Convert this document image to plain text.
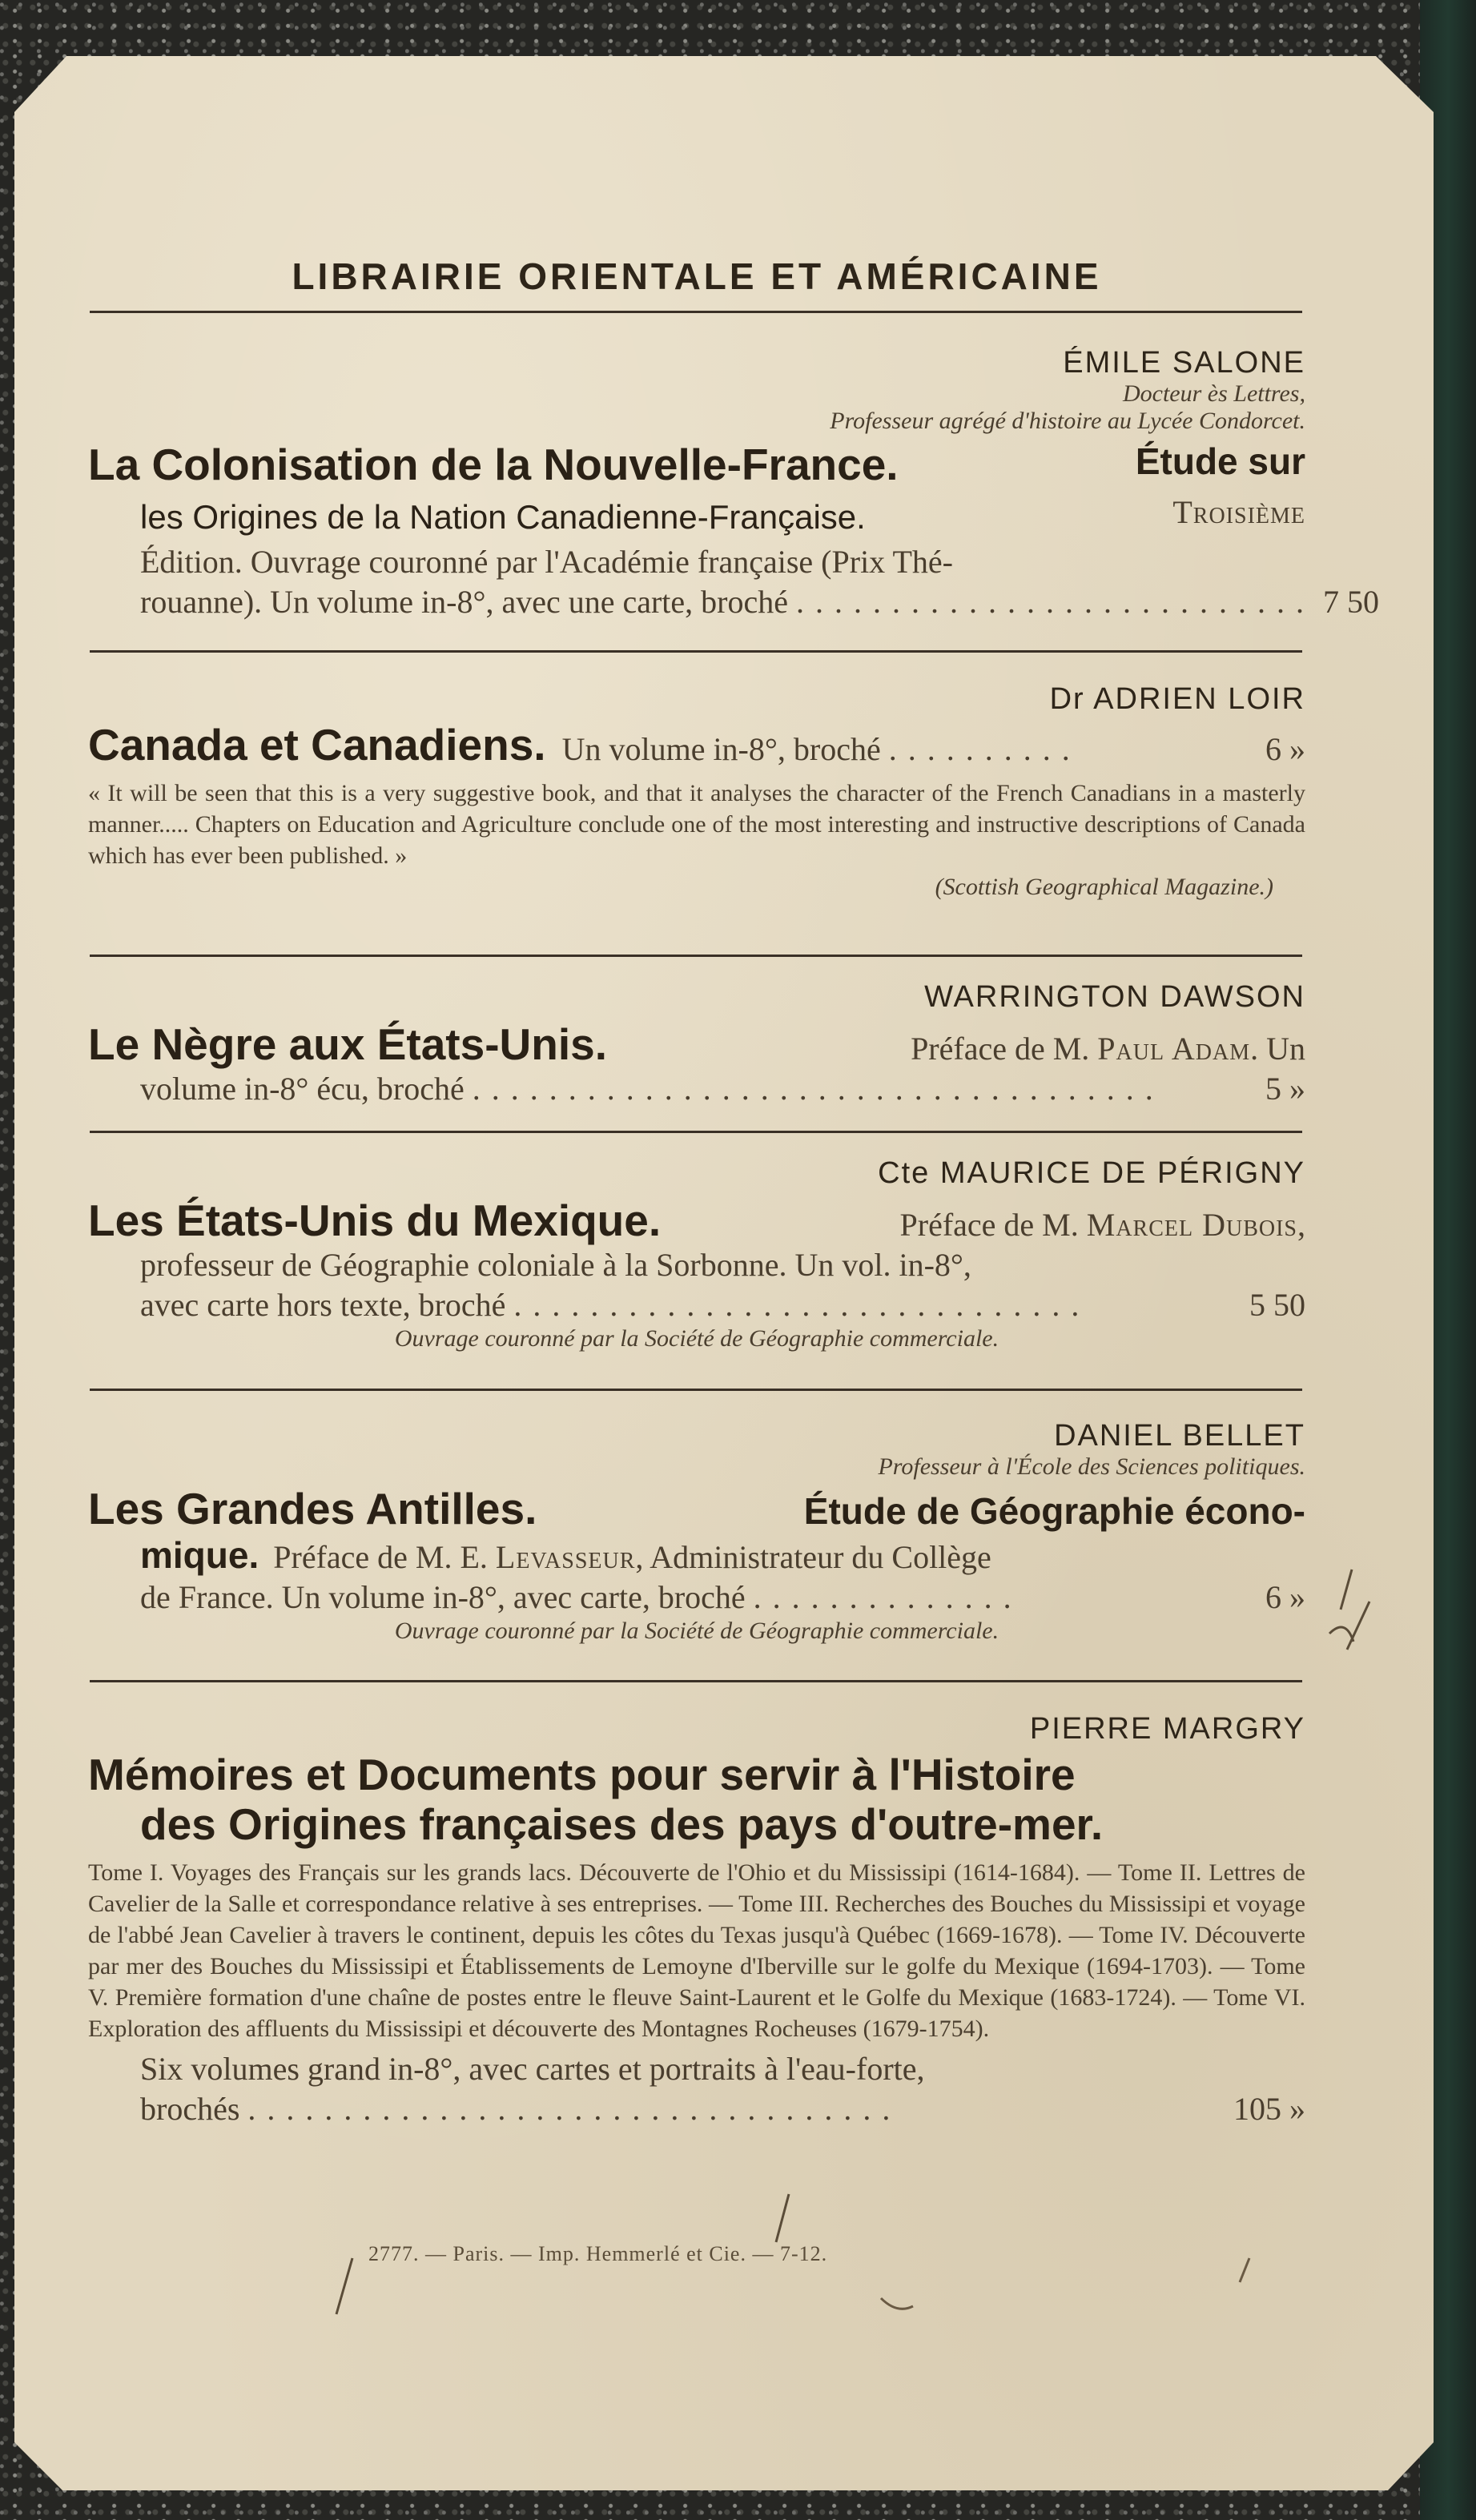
LIBRAIRIE ORIENTALE ET AMÉRICAINE
ÉMILE SALONE
Docteur ès Lettres,
Professeur agrégé d'histoire au Lycée Condorcet.
La Colonisation de la Nouvelle-France.	Étude sur
les Origines de la Nation Canadienne-Française.	Troisième
Édition. Ouvrage couronné par l'Académie française (Prix Thé-
rouanne). Un volume in-8°, avec une carte, broché ........................... 7 50
Dr ADRIEN LOIR
Canada et Canadiens. Un volume in-8°, broché ..........	6 »
« It will be seen that this is a very suggestive book, and that it analyses the character of the French Canadians in a masterly manner..... Chapters on Education and Agriculture conclude one of the most interesting and instructive descriptions of Canada which has ever been published. »
(Scottish Geographical Magazine.)
WARRINGTON DAWSON
Le Nègre aux États-Unis.	Préface de M. Paul Adam. Un
volume in-8° écu, broché ....................................	5 »
Cte MAURICE DE PÉRIGNY
Les États-Unis du Mexique.	Préface de M. Marcel Dubois,
professeur de Géographie coloniale à la Sorbonne. Un vol. in-8°,
avec carte hors texte, broché ..............................	5 50
Ouvrage couronné par la Société de Géographie commerciale.
DANIEL BELLET
Professeur à l'École des Sciences politiques.
Les Grandes Antilles.	Étude de Géographie écono-
mique. Préface de M. E. Levasseur, Administrateur du Collège
de France. Un volume in-8°, avec carte, broché ..............	6 »
Ouvrage couronné par la Société de Géographie commerciale.
PIERRE MARGRY
Mémoires et Documents pour servir à l'Histoire
des Origines françaises des pays d'outre-mer.
Tome I. Voyages des Français sur les grands lacs. Découverte de l'Ohio et du Mississipi (1614-1684). — Tome II. Lettres de Cavelier de la Salle et correspondance relative à ses entreprises. — Tome III. Recherches des Bouches du Mississipi et voyage de l'abbé Jean Cavelier à travers le continent, depuis les côtes du Texas jusqu'à Québec (1669-1678). — Tome IV. Découverte par mer des Bouches du Mississipi et Établissements de Lemoyne d'Iberville sur le golfe du Mexique (1694-1703). — Tome V. Première formation d'une chaîne de postes entre le fleuve Saint-Laurent et le Golfe du Mexique (1683-1724). — Tome VI. Exploration des affluents du Mississipi et découverte des Montagnes Rocheuses (1679-1754).
Six volumes grand in-8°, avec cartes et portraits à l'eau-forte,
brochés ..................................	105 »
2777. — Paris. — Imp. Hemmerlé et Cie. — 7-12.
